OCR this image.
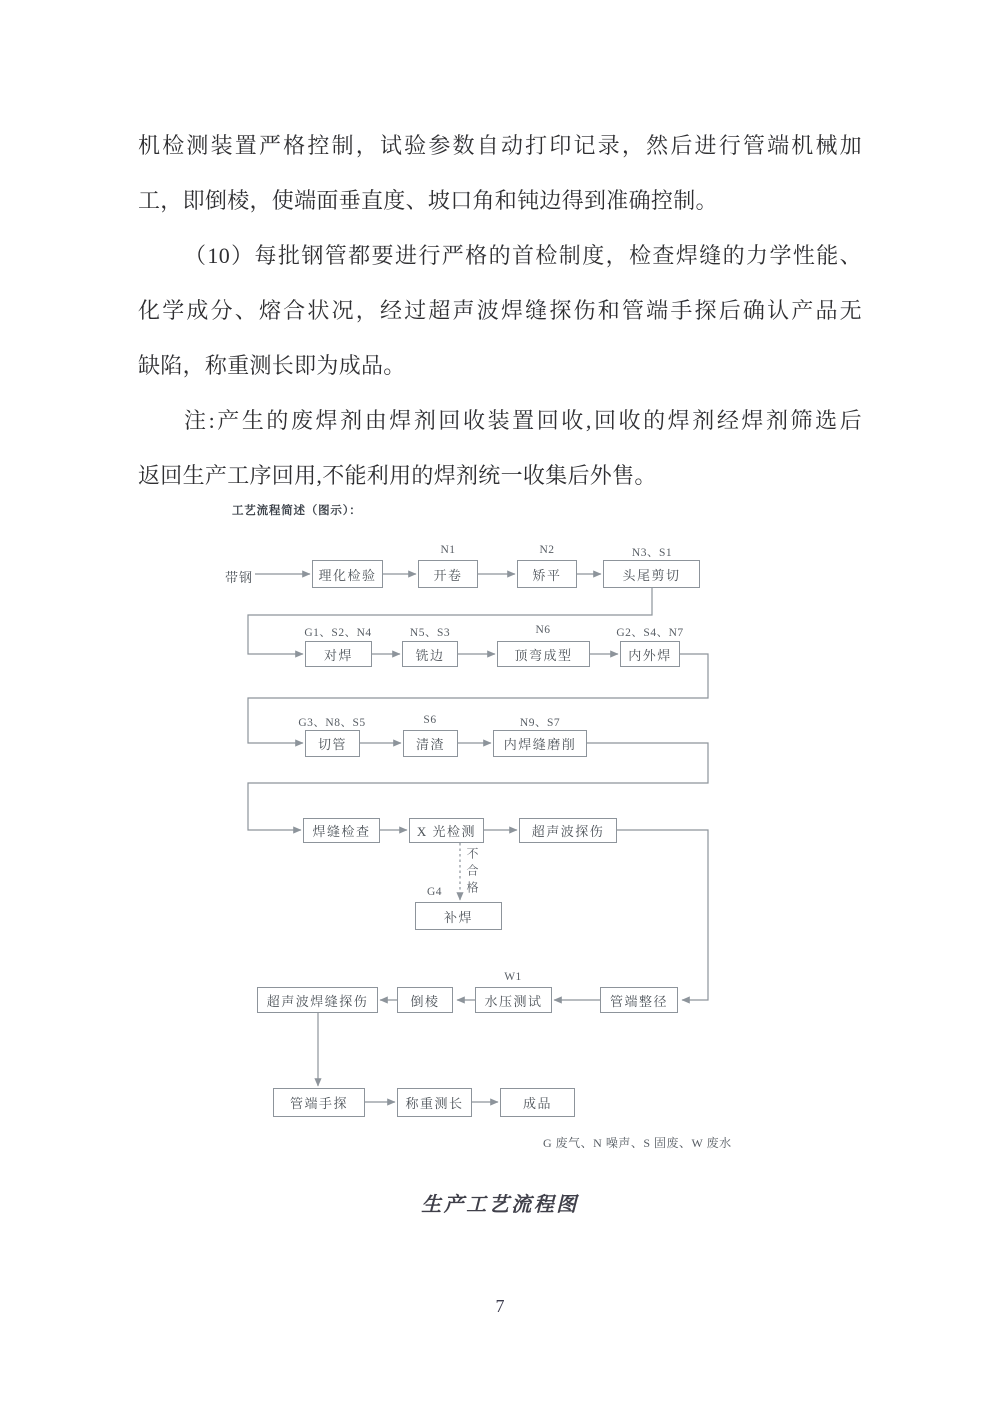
机检测装置严格控制，试验参数自动打印记录，然后进行管端机械加
工，即倒棱，使端面垂直度、坡口角和钝边得到准确控制。
（10）每批钢管都要进行严格的首检制度，检查焊缝的力学性能、
化学成分、熔合状况，经过超声波焊缝探伤和管端手探后确认产品无
缺陷，称重测长即为成品。
注:产生的废焊剂由焊剂回收装置回收,回收的焊剂经焊剂筛选后
返回生产工序回用,不能利用的焊剂统一收集后外售。
工艺流程简述（图示）：
带钢	理化检验	开卷	矫平	头尾剪切
对焊	铣边	顶弯成型	内外焊
切管	清渣	内焊缝磨削
焊缝检查	X 光检测	超声波探伤
补焊
超声波焊缝探伤	倒棱	水压测试	管端整径
管端手探	称重测长	成品
N1	N2	N3、S1
G1、S2、N4	N5、S3	N6	G2、S4、N7
G3、N8、S5	S6	N9、S7
G4
W1
不合格
G 废气、N 噪声、S 固废、W 废水
生产工艺流程图
7
